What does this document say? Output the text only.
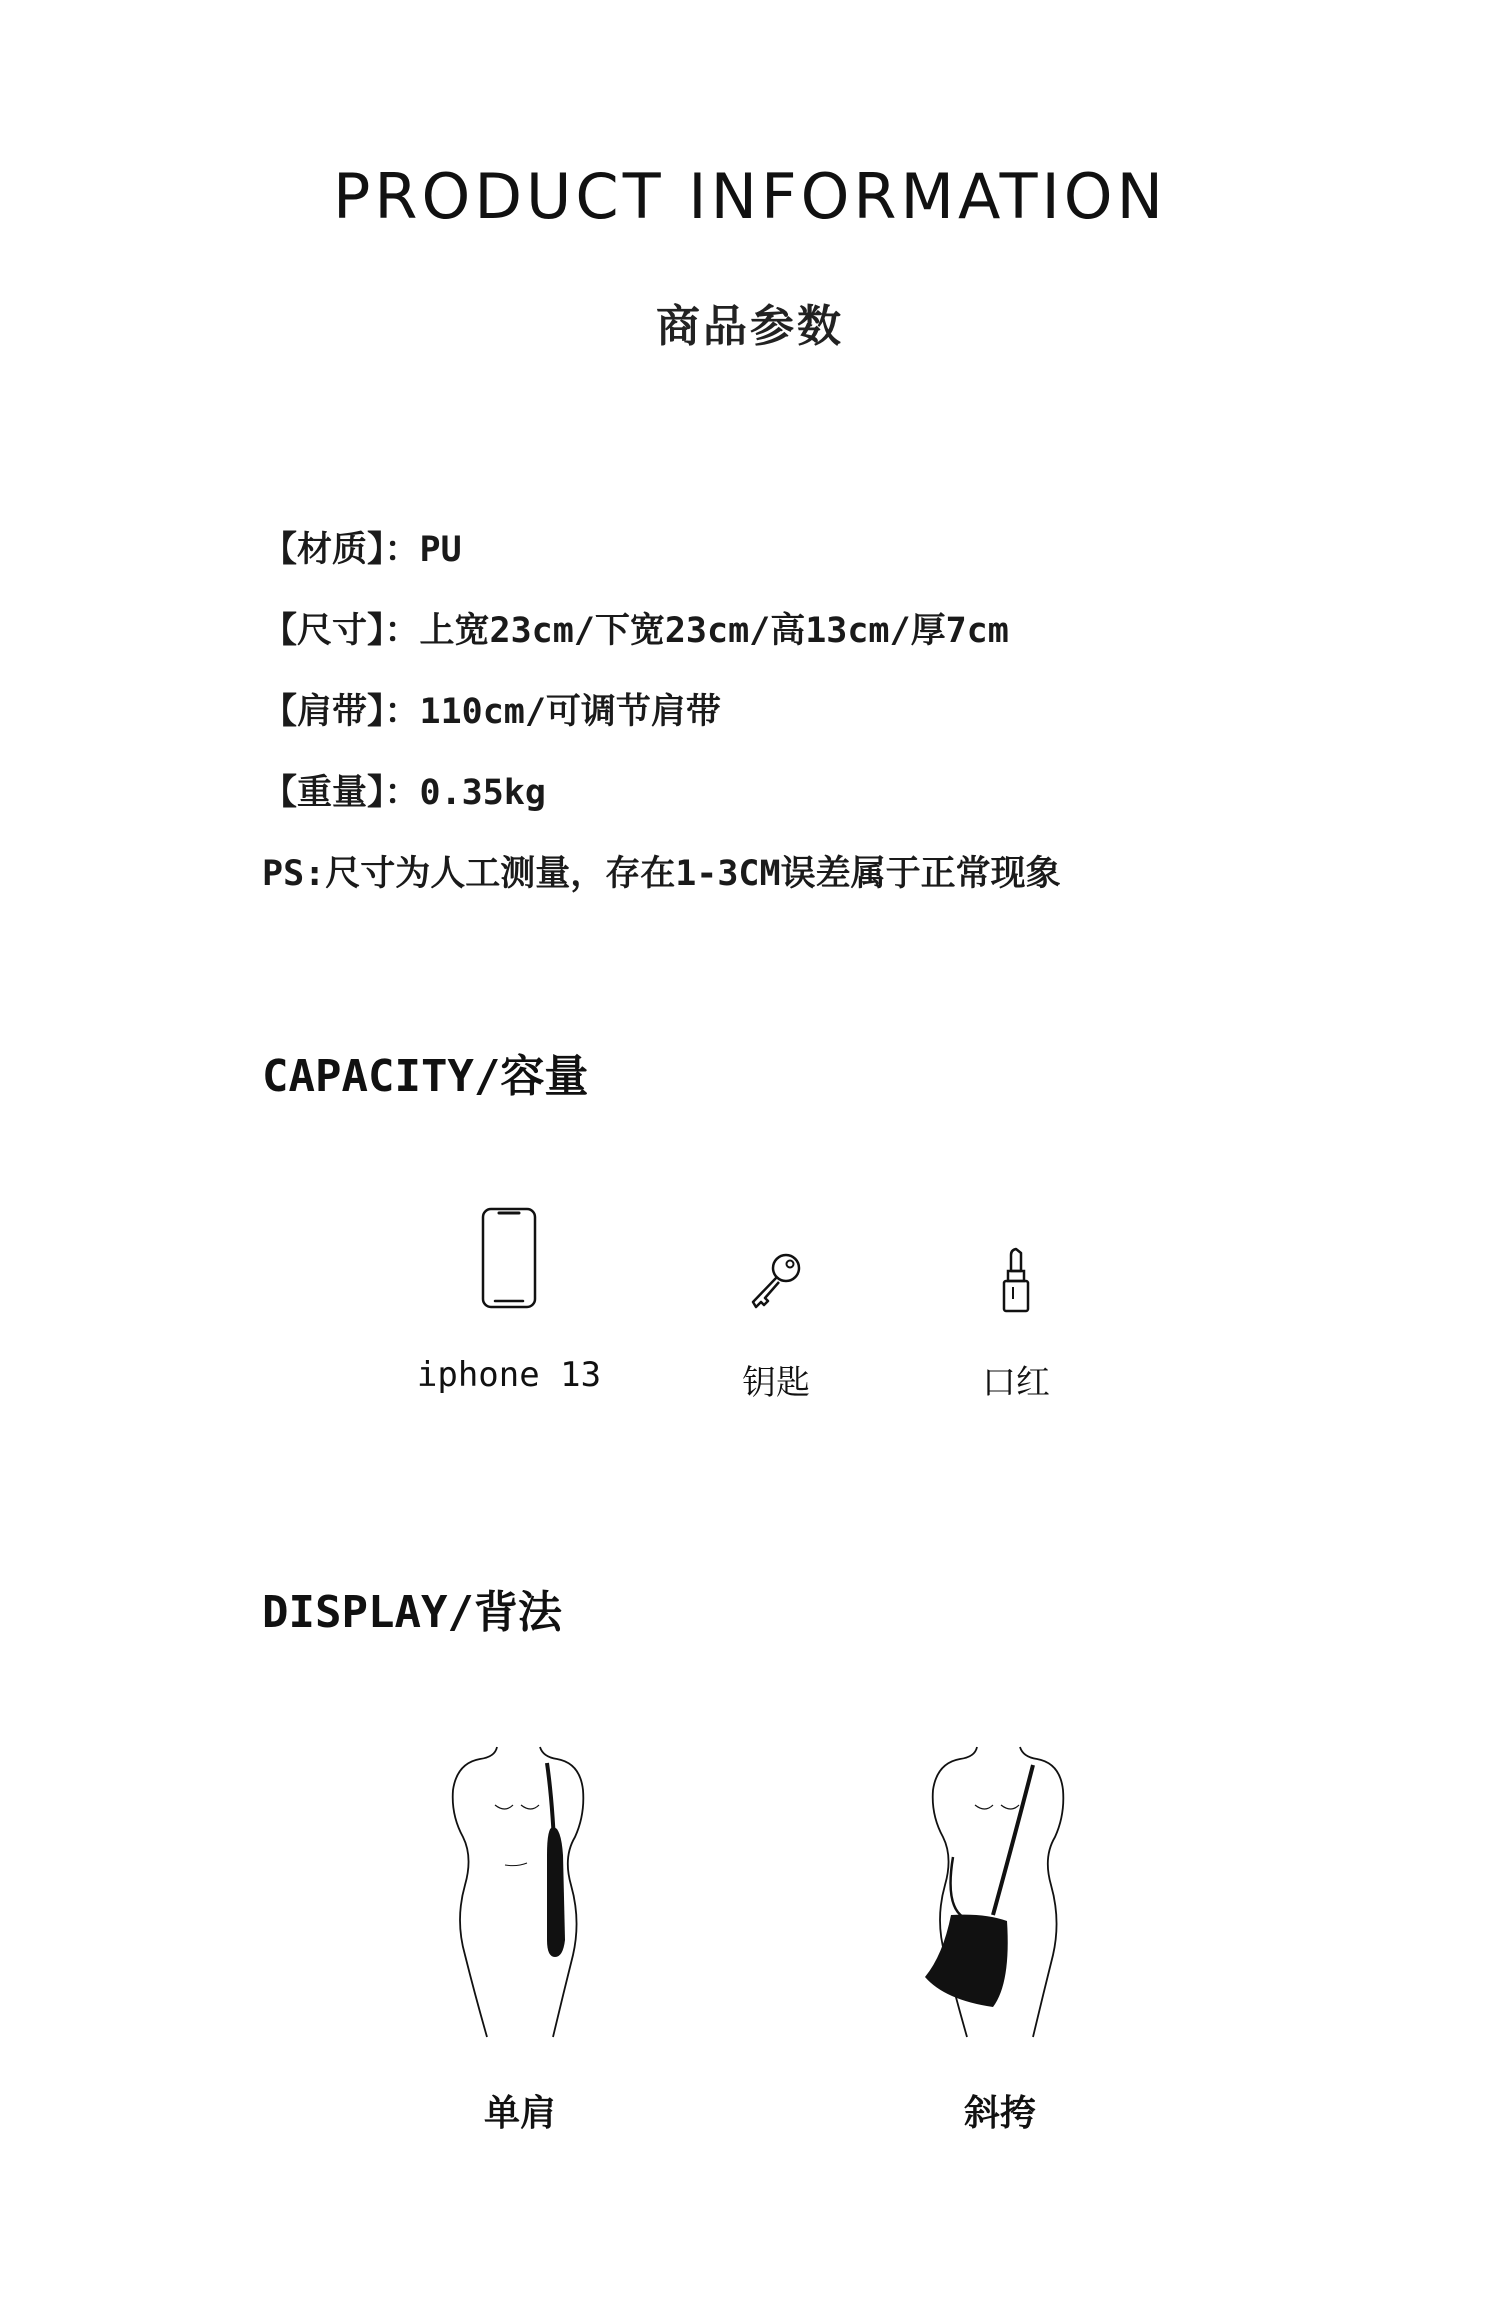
PRODUCT INFORMATION
商品参数
【材质】：PU
【尺寸】：上宽23cm/下宽23cm/高13cm/厚7cm
【肩带】：110cm/可调节肩带
【重量】：0.35kg
PS:尺寸为人工测量，存在1-3CM误差属于正常现象
CAPACITY/容量
iphone 13	钥匙	口红
DISPLAY/背法
单肩	斜挎
